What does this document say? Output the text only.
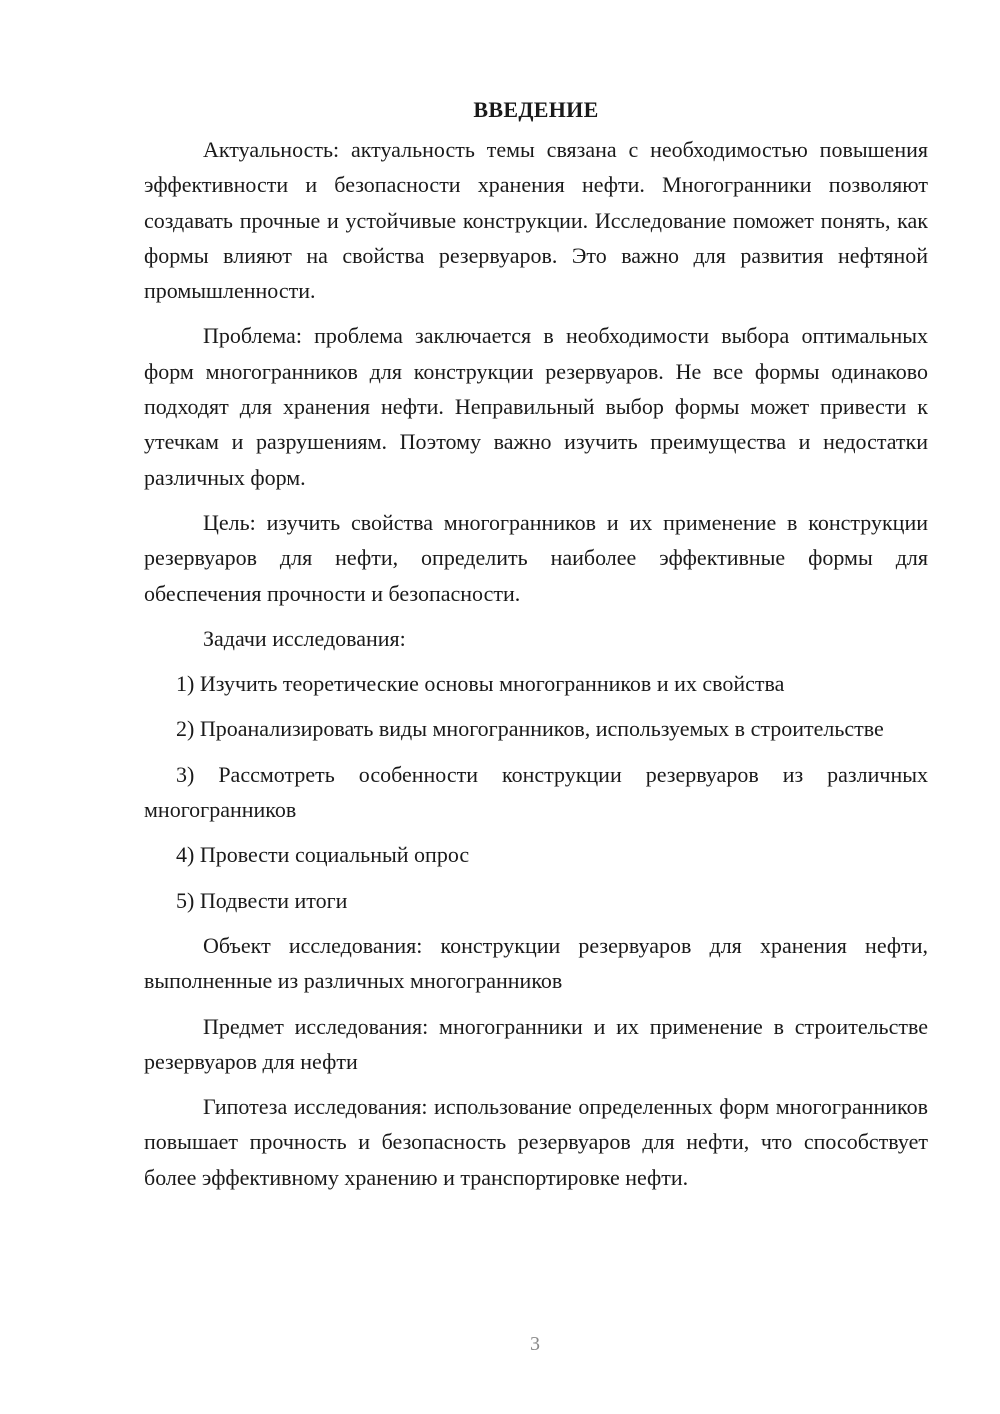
ВВЕДЕНИЕ

Актуальность: актуальность темы связана с необходимостью повышения эффективности и безопасности хранения нефти. Многогранники позволяют создавать прочные и устойчивые конструкции. Исследование поможет понять, как формы влияют на свойства резервуаров. Это важно для развития нефтяной промышленности.

Проблема: проблема заключается в необходимости выбора оптимальных форм многогранников для конструкции резервуаров. Не все формы одинаково подходят для хранения нефти. Неправильный выбор формы может привести к утечкам и разрушениям. Поэтому важно изучить преимущества и недостатки различных форм.

Цель: изучить свойства многогранников и их применение в конструкции резервуаров для нефти, определить наиболее эффективные формы для обеспечения прочности и безопасности.

Задачи исследования:

1) Изучить теоретические основы многогранников и их свойства

2) Проанализировать виды многогранников, используемых в строительстве

3) Рассмотреть особенности конструкции резервуаров из различных многогранников

4) Провести социальный опрос

5) Подвести итоги

Объект исследования: конструкции резервуаров для хранения нефти, выполненные из различных многогранников

Предмет исследования: многогранники и их применение в строительстве резервуаров для нефти

Гипотеза исследования: использование определенных форм многогранников повышает прочность и безопасность резервуаров для нефти, что способствует более эффективному хранению и транспортировке нефти.

3
